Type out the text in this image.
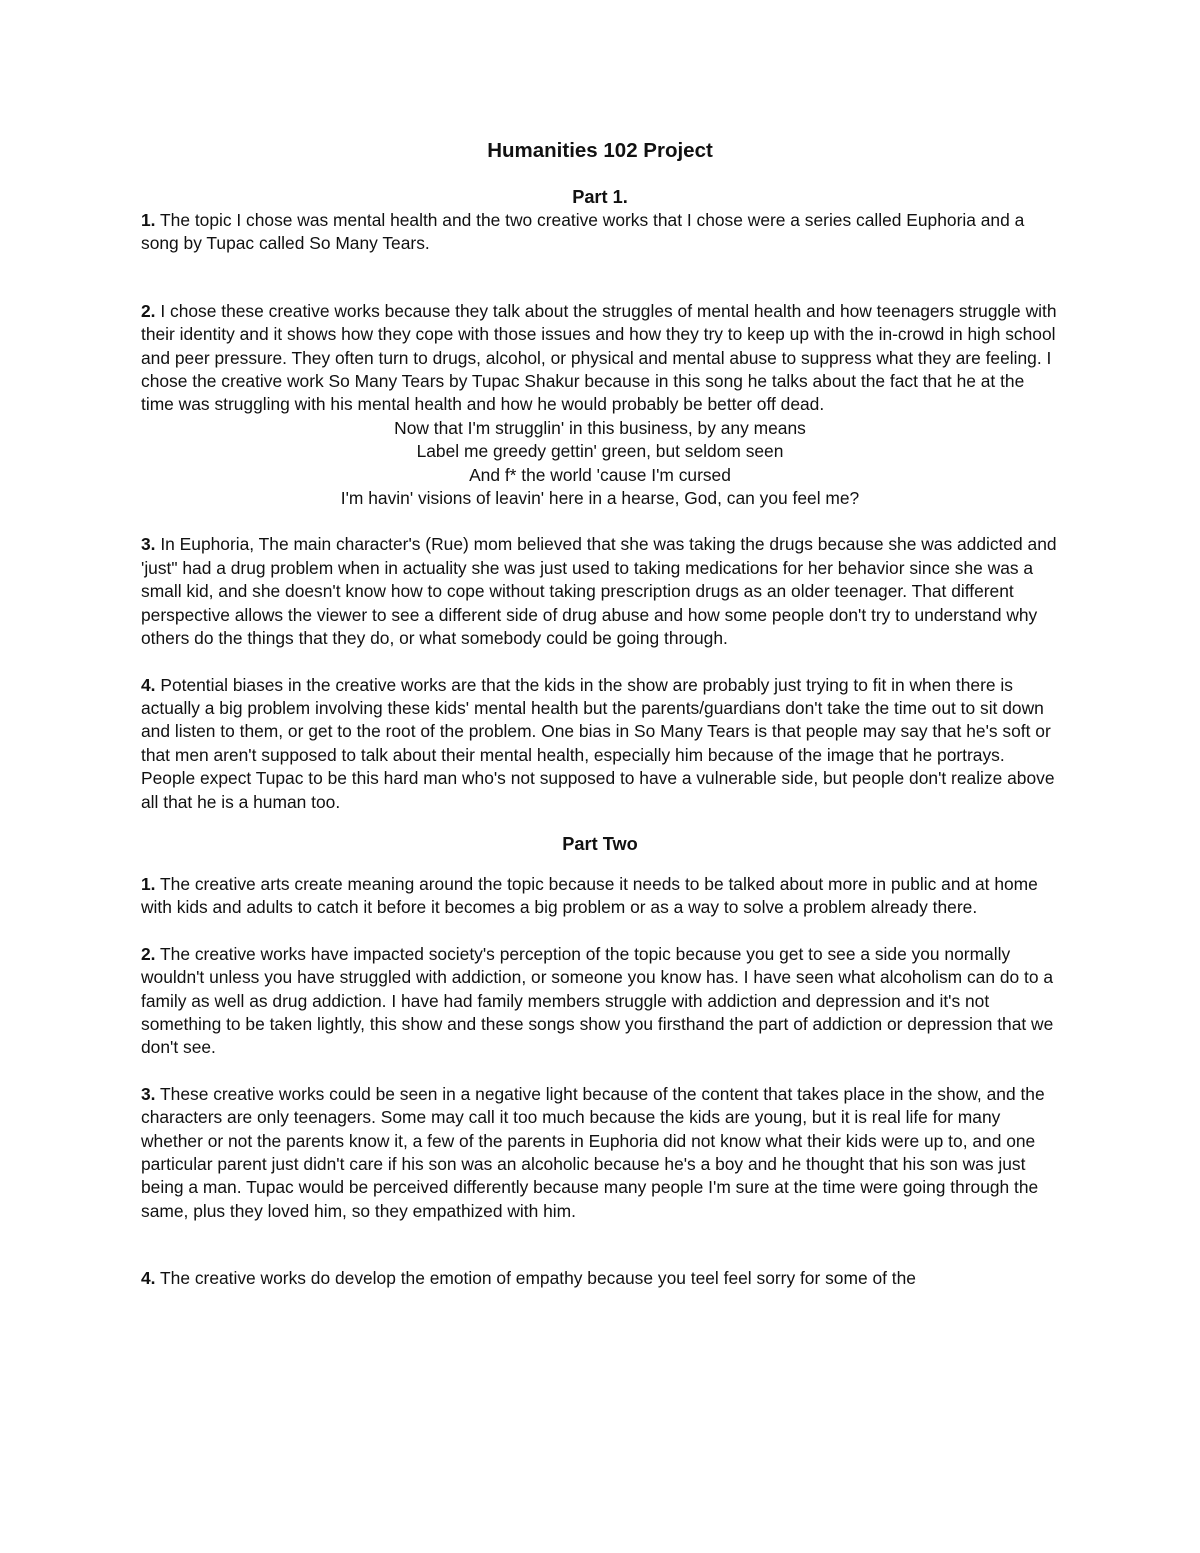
Humanities 102 Project
Part 1.

1. The topic I chose was mental health and the two creative works that I chose were a series called Euphoria and a song by Tupac called So Many Tears.

2. I chose these creative works because they talk about the struggles of mental health and how teenagers struggle with their identity and it shows how they cope with those issues and how they try to keep up with the in-crowd in high school and peer pressure. They often turn to drugs, alcohol, or physical and mental abuse to suppress what they are feeling. I chose the creative work So Many Tears by Tupac Shakur because in this song he talks about the fact that he at the time was struggling with his mental health and how he would probably be better off dead.

Now that I'm strugglin' in this business, by any means
Label me greedy gettin' green, but seldom seen
And f* the world 'cause I'm cursed
I'm havin' visions of leavin' here in a hearse, God, can you feel me?

3. In Euphoria, The main character's (Rue) mom believed that she was taking the drugs because she was addicted and 'just" had a drug problem when in actuality she was just used to taking medications for her behavior since she was a small kid, and she doesn't know how to cope without taking prescription drugs as an older teenager. That different perspective allows the viewer to see a different side of drug abuse and how some people don't try to understand why others do the things that they do, or what somebody could be going through.

4. Potential biases in the creative works are that the kids in the show are probably just trying to fit in when there is actually a big problem involving these kids' mental health but the parents/guardians don't take the time out to sit down and listen to them, or get to the root of the problem. One bias in So Many Tears is that people may say that he's soft or that men aren't supposed to talk about their mental health, especially him because of the image that he portrays. People expect Tupac to be this hard man who's not supposed to have a vulnerable side, but people don't realize above all that he is a human too.

Part Two

1. The creative arts create meaning around the topic because it needs to be talked about more in public and at home with kids and adults to catch it before it becomes a big problem or as a way to solve a problem already there.

2. The creative works have impacted society's perception of the topic because you get to see a side you normally wouldn't unless you have struggled with addiction, or someone you know has. I have seen what alcoholism can do to a family as well as drug addiction. I have had family members struggle with addiction and depression and it's not something to be taken lightly, this show and these songs show you firsthand the part of addiction or depression that we don't see.

3. These creative works could be seen in a negative light because of the content that takes place in the show, and the characters are only teenagers. Some may call it too much because the kids are young, but it is real life for many whether or not the parents know it, a few of the parents in Euphoria did not know what their kids were up to, and one particular parent just didn't care if his son was an alcoholic because he's a boy and he thought that his son was just being a man. Tupac would be perceived differently because many people I'm sure at the time were going through the same, plus they loved him, so they empathized with him.

4. The creative works do develop the emotion of empathy because you teel feel sorry for some of the
